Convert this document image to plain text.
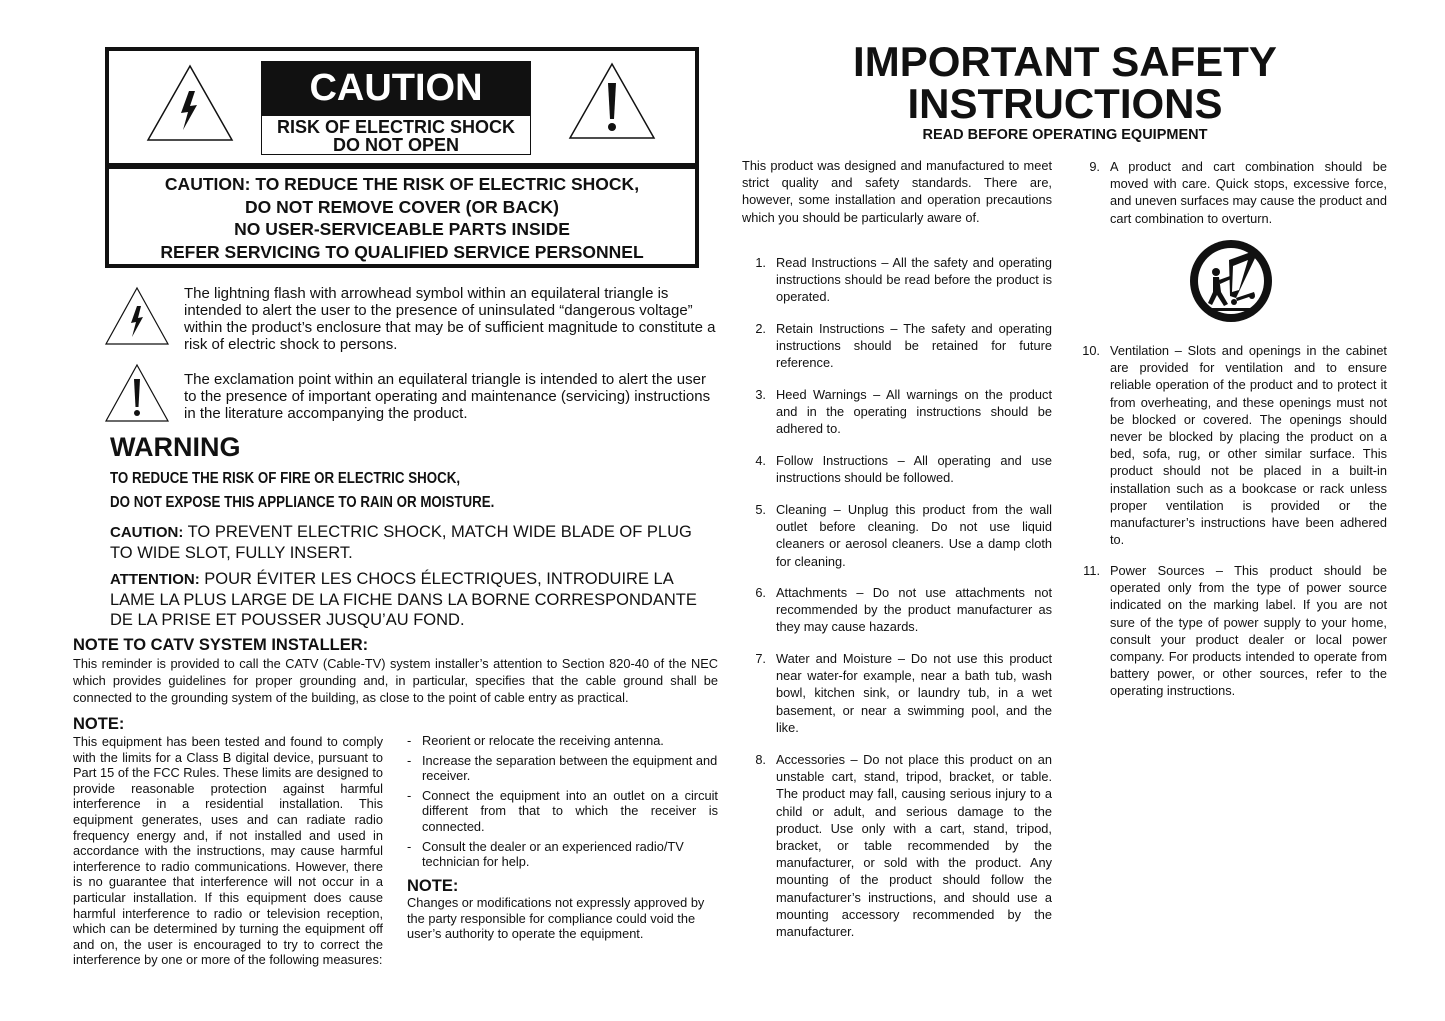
CAUTION
RISK OF ELECTRIC SHOCK
DO NOT OPEN
CAUTION: TO REDUCE THE RISK OF ELECTRIC SHOCK,
DO NOT REMOVE COVER (OR BACK)
NO USER-SERVICEABLE PARTS INSIDE
REFER SERVICING TO QUALIFIED SERVICE PERSONNEL
The lightning flash with arrowhead symbol within an equilateral triangle is intended to alert the user to the presence of uninsulated “dangerous voltage” within the product’s enclosure that may be of sufficient magnitude to constitute a risk of electric shock to persons.
The exclamation point within an equilateral triangle is intended to alert the user to the presence of important operating and maintenance (servicing) instructions in the literature accompanying the product.
WARNING
TO REDUCE THE RISK OF FIRE OR ELECTRIC SHOCK,
DO NOT EXPOSE THIS APPLIANCE TO RAIN OR MOISTURE.
CAUTION: TO PREVENT ELECTRIC SHOCK, MATCH WIDE BLADE OF PLUG TO WIDE SLOT, FULLY INSERT.
ATTENTION: POUR ÉVITER LES CHOCS ÉLECTRIQUES, INTRODUIRE LA LAME LA PLUS LARGE DE LA FICHE DANS LA BORNE CORRESPONDANTE DE LA PRISE ET POUSSER JUSQU’AU FOND.
NOTE TO CATV SYSTEM INSTALLER:
This reminder is provided to call the CATV (Cable-TV) system installer’s attention to Section 820-40 of the NEC which provides guidelines for proper grounding and, in particular, specifies that the cable ground shall be connected to the grounding system of the building, as close to the point of cable entry as practical.
NOTE:
This equipment has been tested and found to comply with the limits for a Class B digital device, pursuant to Part 15 of the FCC Rules. These limits are designed to provide reasonable protection against harmful interference in a residential installation. This equipment generates, uses and can radiate radio frequency energy and, if not installed and used in accordance with the instructions, may cause harmful interference to radio communications. However, there is no guarantee that interference will not occur in a particular installation. If this equipment does cause harmful interference to radio or television reception, which can be determined by turning the equipment off and on, the user is encouraged to try to correct the interference by one or more of the following measures:
- Reorient or relocate the receiving antenna.
- Increase the separation between the equipment and receiver.
- Connect the equipment into an outlet on a circuit different from that to which the receiver is connected.
- Consult the dealer or an experienced radio/TV technician for help.
NOTE:
Changes or modifications not expressly approved by the party responsible for compliance could void the user’s authority to operate the equipment.
IMPORTANT SAFETY
INSTRUCTIONS
READ BEFORE OPERATING EQUIPMENT
This product was designed and manufactured to meet strict quality and safety standards. There are, however, some installation and operation precautions which you should be particularly aware of.
1. Read Instructions – All the safety and operating instructions should be read before the product is operated.
2. Retain Instructions – The safety and operating instructions should be retained for future reference.
3. Heed Warnings – All warnings on the product and in the operating instructions should be adhered to.
4. Follow Instructions – All operating and use instructions should be followed.
5. Cleaning – Unplug this product from the wall outlet before cleaning. Do not use liquid cleaners or aerosol cleaners. Use a damp cloth for cleaning.
6. Attachments – Do not use attachments not recommended by the product manufacturer as they may cause hazards.
7. Water and Moisture – Do not use this product near water-for example, near a bath tub, wash bowl, kitchen sink, or laundry tub, in a wet basement, or near a swimming pool, and the like.
8. Accessories – Do not place this product on an unstable cart, stand, tripod, bracket, or table. The product may fall, causing serious injury to a child or adult, and serious damage to the product. Use only with a cart, stand, tripod, bracket, or table recommended by the manufacturer, or sold with the product. Any mounting of the product should follow the manufacturer’s instructions, and should use a mounting accessory recommended by the manufacturer.
9. A product and cart combination should be moved with care. Quick stops, excessive force, and uneven surfaces may cause the product and cart combination to overturn.
10. Ventilation – Slots and openings in the cabinet are provided for ventilation and to ensure reliable operation of the product and to protect it from overheating, and these openings must not be blocked or covered. The openings should never be blocked by placing the product on a bed, sofa, rug, or other similar surface. This product should not be placed in a built-in installation such as a bookcase or rack unless proper ventilation is provided or the manufacturer’s instructions have been adhered to.
11. Power Sources – This product should be operated only from the type of power source indicated on the marking label. If you are not sure of the type of power supply to your home, consult your product dealer or local power company. For products intended to operate from battery power, or other sources, refer to the operating instructions.
